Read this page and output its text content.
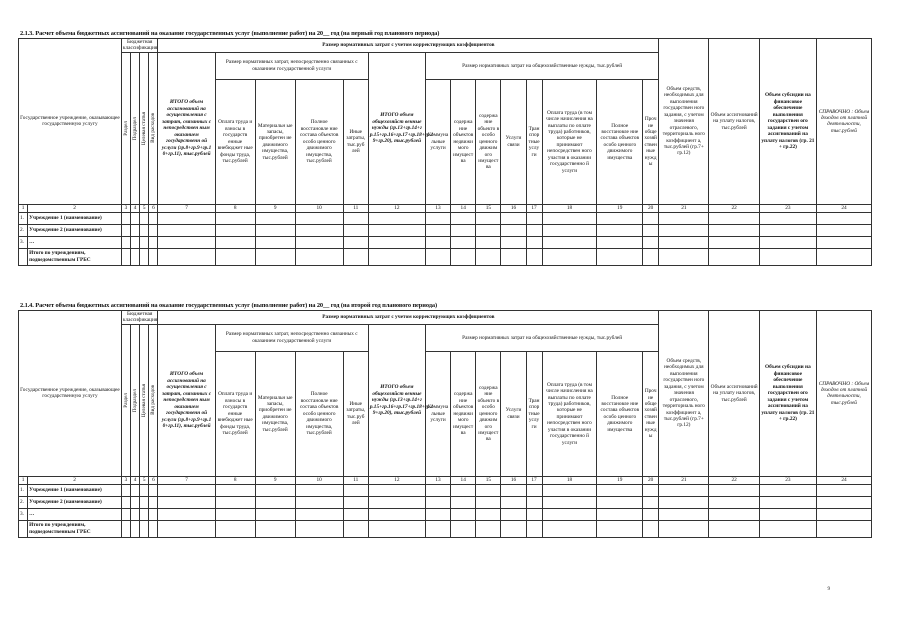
2.1.3. Расчет объема бюджетных ассигнований на оказание государственных услуг (выполнение работ) на 20__ год (на первый год планового периода)
Государственное учреждение, оказывающее государственную услугу		Бюджетная классификация				Размер нормативных затрат с учетом корректирующих коэффициентов														Объем средств, необходимых для выполнения государствен ного задания, с учетом значения отраслевого, территориаль ного коэффициент а, тыс.рублей (гр.7+ гр.12)	Объем ассигнований на уплату налогов, тыс.рублей	Объем субсидии на финансовое обеспечение выполнения государствен ого задания с учетом ассигнований на уплату налогов (гр. 21 + гр.22)	СПРАВОЧНО : Объем доходов от платной деятельности, тыс.рублей

		Раздел	Подраздел	Целевая статья	Вид расходов	ИТОГО объем ассигнований на осуществления с затрат, связанных с непосредствен ным оказанием государственн ой услуги (гр.8+гр.9+гр.1 0+гр.11), тыс.рублей	Размер нормативных затрат, непосредственно связанных с оказанием государственной услуги				ИТОГО объем общехозяйст венные нужды (гр.13+гр.14+г р.15+гр.16+гр.17+гр.18+гр.1 9+гр.20), тыс.рублей	Размер нормативных затрат на общехозяйственные нужды, тыс.рублей											
							Оплата труда и взносы в государств енные внебюджет ные фонды труда, тыс.рублей	Материальн ые запасы, приобретен ие движимого имущества, тыс.рублей	Полное восстановле ние состава объектов особо ценного движимого имущества, тыс.рублей	Иные затраты, тыс.руб лей		Коммуна льные услуги	содержа ние объектов недвижи мого имущест ва	содержа ние объекто в особо ценного движим ого имущест ва	Услуги связи	Тран спор тные услу ги	Оплата труда (в том числе начисления на выплаты по оплате труда) работников, которые не принимают непосредствен ного участия в оказании государственно й услуги	Полное восстановле ние состава объектов особо ценного движимого имущества	Проч ие обще хозяй ствен ные нужд ы				
1	2	3	4	5	6	7	8	9	10	11	12	13	14	15	16	17	18	19	20	21	22	23	24
1.	Учреждение 1 (наименование)																						
2.	Учреждение 2 (наименование)																						
3.	…																						
	Итого по учреждениям, подведомственным ГРБС																						
2.1.4. Расчет объема бюджетных ассигнований на оказание государственных услуг (выполнение работ) на 20__ год (на второй год планового периода)
Государственное учреждение, оказывающее государственную услугу		Бюджетная классификация				Размер нормативных затрат с учетом корректирующих коэффициентов														Объем средств, необходимых для выполнения государствен ного задания, с учетом значения отраслевого, территориаль ного коэффициент а, тыс.рублей (гр.7+ гр.12)	Объем ассигнований на уплату налогов, тыс.рублей	Объем субсидии на финансовое обеспечение выполнения государствен ого задания с учетом ассигнований на уплату налогов (гр. 21 + гр.22)	СПРАВОЧНО : Объем доходов от платной деятельности, тыс.рублей

		Раздел	Подраздел	Целевая статья	Вид расходов	ИТОГО объем ассигнований на осуществления с затрат, связанных с непосредствен ным оказанием государственн ой услуги (гр.8+гр.9+гр.1 0+гр.11), тыс.рублей	Размер нормативных затрат, непосредственно связанных с оказанием государственной услуги				ИТОГО объем общехозяйст венные нужды (гр.13+гр.14+г р.15+гр.16+гр.17+гр.18+гр.1 9+гр.20), тыс.рублей	Размер нормативных затрат на общехозяйственные нужды, тыс.рублей											
							Оплата труда и взносы в государств енные внебюджет ные фонды труда, тыс.рублей	Материальн ые запасы, приобретен ие движимого имущества, тыс.рублей	Полное восстановле ние состава объектов особо ценного движимого имущества, тыс.рублей	Иные затраты, тыс.руб лей		Коммуна льные услуги	содержа ние объектов недвижи мого имущест ва	содержа ние объекто в особо ценного движим ого имущест ва	Услуги связи	Тран спор тные услу ги	Оплата труда (в том числе начисления на выплаты по оплате труда) работников, которые не принимают непосредствен ного участия в оказании государственно й услуги	Полное восстановле ние состава объектов особо ценного движимого имущества	Проч ие обще хозяй ствен ные нужд ы				
1	2	3	4	5	6	7	8	9	10	11	12	13	14	15	16	17	18	19	20	21	22	23	24
1.	Учреждение 1 (наименование)																						
2.	Учреждение 2 (наименование)																						
3.	…																						
	Итого по учреждениям, подведомственным ГРБС																						
9
